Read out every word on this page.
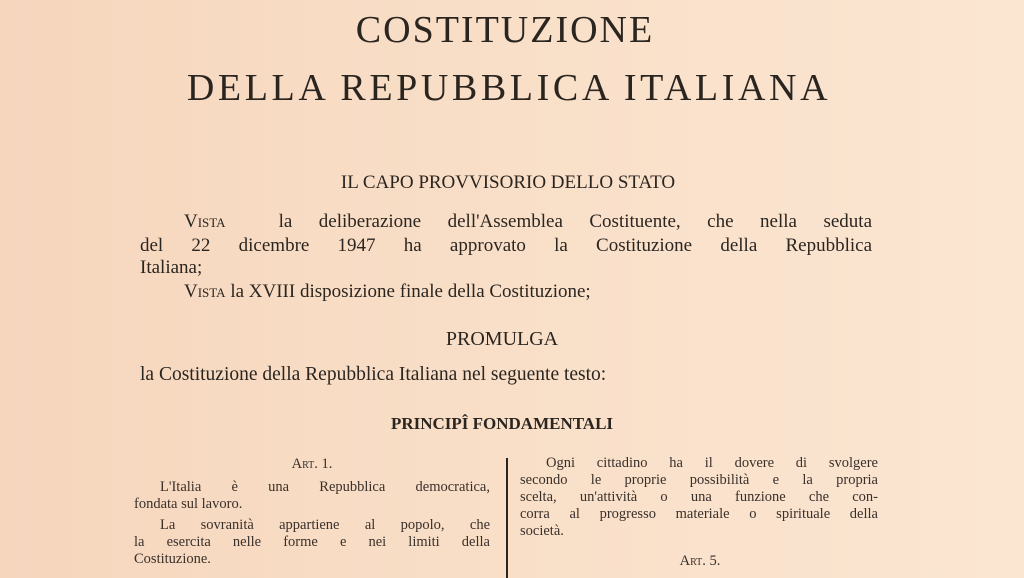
COSTITUZIONE
DELLA REPUBBLICA ITALIANA
IL CAPO PROVVISORIO DELLO STATO
Vista	la deliberazione dell'Assemblea Costituente, che nella seduta
del 22 dicembre 1947 ha approvato la Costituzione della Repubblica
Italiana;
Vista la XVIII disposizione finale della Costituzione;
PROMULGA
la Costituzione della Repubblica Italiana nel seguente testo:
PRINCIPÎ FONDAMENTALI
Art. 1.
L'Italia è una Repubblica democratica,
fondata sul lavoro.
La sovranità appartiene al popolo, che
la esercita nelle forme e nei limiti della
Costituzione.
Ogni cittadino ha il dovere di svolgere
secondo le proprie possibilità e la propria
scelta, un'attività o una funzione che con-
corra al progresso materiale o spirituale della
società.
Art. 5.
